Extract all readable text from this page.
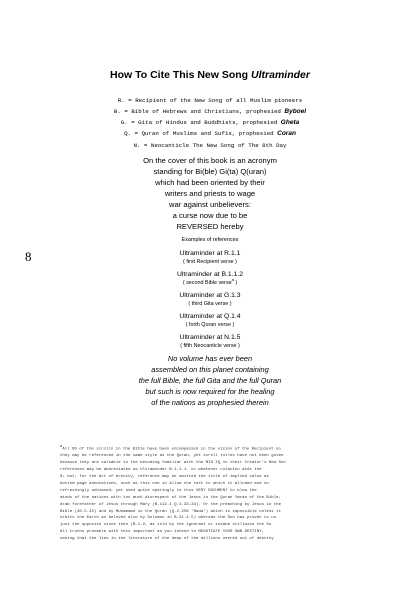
How To Cite This New Song Ultraminder
R. = Recipient of the New Song of all Muslim pioneers
B. = Bible of Hebrews and Christians, prophesied Byboel
G. = Gita of Hindus and Buddhists, prophesied Gheta
Q. = Quran of Muslims and Sufis, prophesied Coran
N. = Neocanticle The New Song of The 8th Day

On the cover of this book is an acronym

standing for Bi(ble) Gi(ta) Q(uran)

which had been oriented by their

writers and priests to wage

war against unbelievers:

a curse now due to be

REVERSED hereby

Examples of references

Ultraminder at R.1.1
( first Recipient verse )
Ultraminder at B.1.1.2
( second Bible verse$^a$ )
Ultraminder at G.1.3
( third Gita verse )
Ultraminder at Q.1.4
( forth Quran verse )
Ultraminder at N.1.5
( fifth Neocanticle verse )
8

No volume has ever been

assembled on this planet containing

the full Bible, the full Gita and the full Quran

but such is now required for the healing

of the nations as prophesied therein

aAll 66 of the scrolls in the Bible have been encompassed in the vision of the Recipient so
they may be referenced in the same style as the Quran, yet scroll titles have not been given
because they are valuable to the becoming familiar with the BIG IQ in their Creator's New Son
references may be abbreviated as Ultraminder B.1.1.1. or whatever citation aids the
8; but, for the Art of brevity, reference may be omitted the title of implied value as
bottom page annotations, such as this one in allow the text to which it alluded and so
refreshingly unbiased, yet used quite sparingly in this VERY DOCUMENT to blow the
minds of the nations with too much disrespect of the Jesus in the Quran Ymran of the Bible,
Arab forefather of Jesus through Mary (B.112.1 Q.3.33-34). Or the preaching by Jesus in the
Bible (40.5.45) and by Muhammad in the Quran (Q.2.256 'Nada') which is impossible unless it
orbits the Earth as beloved also by Solomon in B.21.1.5) whereas the Sun has proven to us
just the opposite since then (B.1.2, as told by the ignorant or insane stillwise the Su
All truths provable with this important as you intend to NEGOTIATE YOUR OWN DESTINY,
seeing that the lies in the literature of the deep of the millions veered out of destiny
